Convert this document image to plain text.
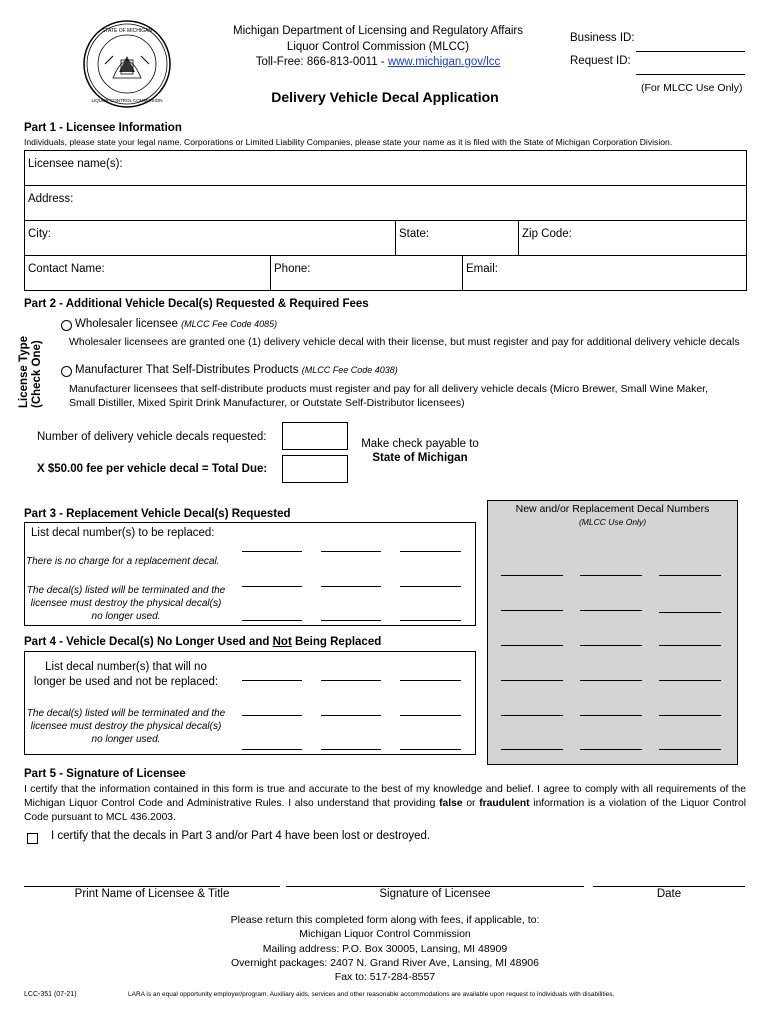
STATE OF MICHIGAN
LIQUOR CONTROL COMMISSION
Michigan Department of Licensing and Regulatory Affairs
Liquor Control Commission (MLCC)
Toll-Free: 866-813-0011 - www.michigan.gov/lcc
Delivery Vehicle Decal Application
Business ID:
Request ID:
(For MLCC Use Only)
Part 1 - Licensee Information
Individuals, please state your legal name. Corporations or Limited Liability Companies, please state your name as it is filed with the State of Michigan Corporation Division.
Licensee name(s):
Address:
City:	State:	Zip Code:
Contact Name:	Phone:	Email:
Part 2 - Additional Vehicle Decal(s) Requested & Required Fees
License Type (Check One)
Wholesaler licensee (MLCC Fee Code 4085)
Wholesaler licensees are granted one (1) delivery vehicle decal with their license, but must register and pay for additional delivery vehicle decals
Manufacturer That Self-Distributes Products (MLCC Fee Code 4038)
Manufacturer licensees that self-distribute products must register and pay for all delivery vehicle decals (Micro Brewer, Small Wine Maker,
Small Distiller, Mixed Spirit Drink Manufacturer, or Outstate Self-Distributor licensees)
Number of delivery vehicle decals requested:
X $50.00 fee per vehicle decal = Total Due:
Make check payable to
State of Michigan
Part 3 - Replacement Vehicle Decal(s) Requested
List decal number(s) to be replaced:
There is no charge for a replacement decal.
The decal(s) listed will be terminated and the
licensee must destroy the physical decal(s)
no longer used.
New and/or Replacement Decal Numbers
(MLCC Use Only)
Part 4 - Vehicle Decal(s) No Longer Used and Not Being Replaced
List decal number(s) that will no
longer be used and not be replaced:
The decal(s) listed will be terminated and the
licensee must destroy the physical decal(s)
no longer used.
Part 5 - Signature of Licensee
I certify that the information contained in this form is true and accurate to the best of my knowledge and belief. I agree to comply with all requirements of the Michigan Liquor Control Code and Administrative Rules. I also understand that providing false or fraudulent information is a violation of the Liquor Control Code pursuant to MCL 436.2003.
I certify that the decals in Part 3 and/or Part 4 have been lost or destroyed.
Print Name of Licensee & Title	Signature of Licensee	Date
Please return this completed form along with fees, if applicable, to:
Michigan Liquor Control Commission
Mailing address: P.O. Box 30005, Lansing, MI 48909
Overnight packages: 2407 N. Grand River Ave, Lansing, MI 48906
Fax to: 517-284-8557
LCC-351 (07-21)	LARA is an equal opportunity employer/program. Auxiliary aids, services and other reasonable accommodations are available upon request to individuals with disabilities.
